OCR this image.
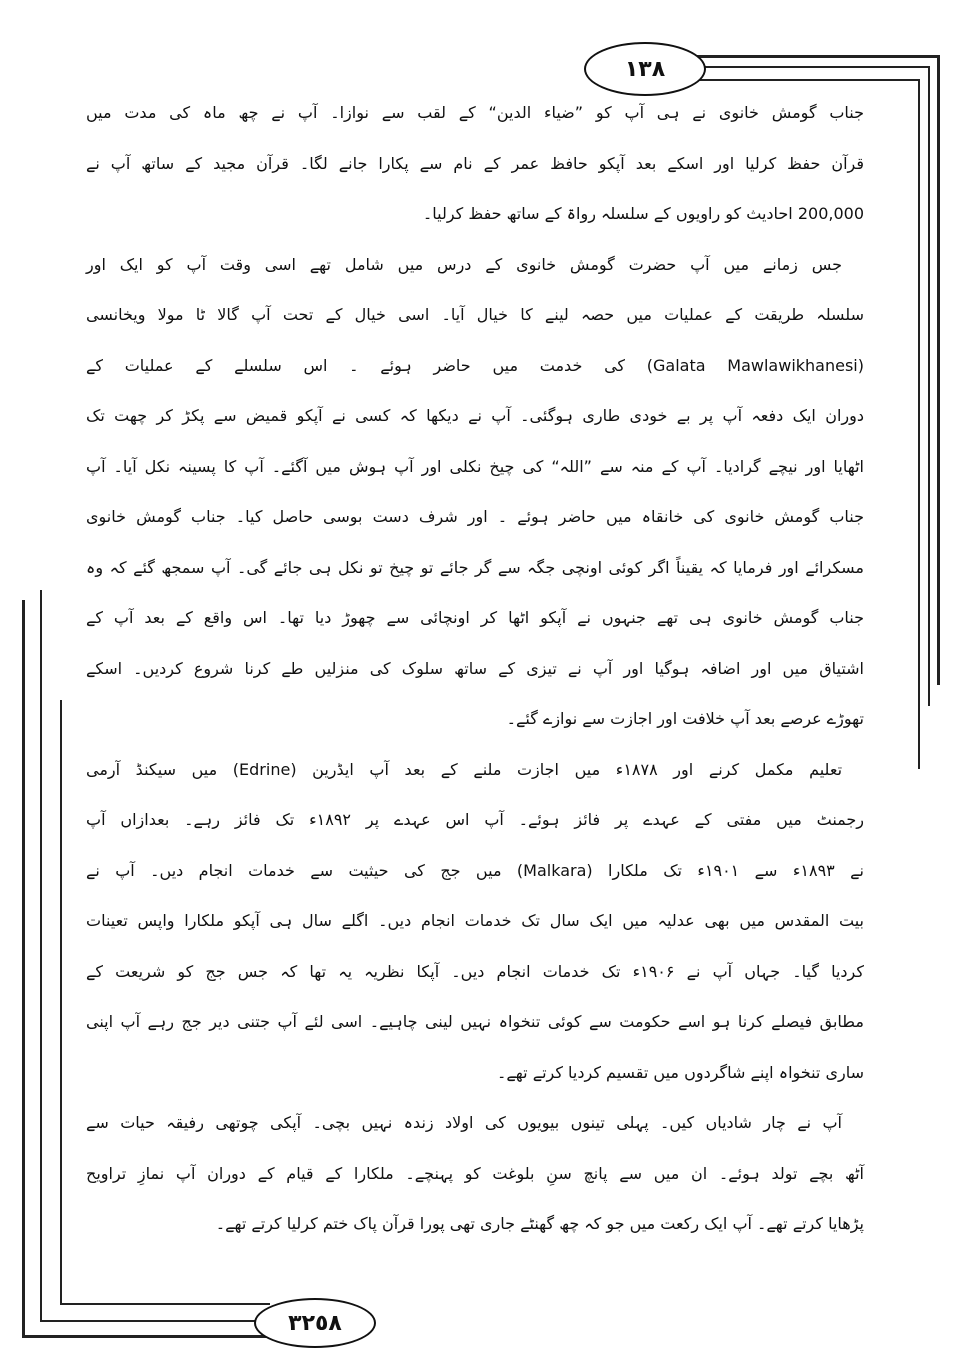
١٣٨
٣٢٥٨
جناب گومش خانوی نے ہی آپ کو ”ضیاء الدین“ کے لقب سے نوازا۔ آپ نے چھ ماہ کی مدت میں
قرآن حفظ کرلیا اور اسکے بعد آپکو حافظ عمر کے نام سے پکارا جانے لگا۔ قرآن مجید کے ساتھ آپ نے
200,000 احادیث کو راویوں کے سلسلہ رواۃ کے ساتھ حفظ کرلیا۔
جس زمانے میں آپ حضرت گومش خانوی کے درس میں شامل تھے اسی وقت آپ کو ایک اور
سلسلہ طریقت کے عملیات میں حصہ لینے کا خیال آیا۔ اسی خیال کے تحت آپ گالا ٹا مولا ویخانسی
(Galata Mawlawikhanesi) کی خدمت میں حاضر ہوئے ۔ اس سلسلے کے عملیات کے
دوران ایک دفعہ آپ پر بے خودی طاری ہوگئی۔ آپ نے دیکھا کہ کسی نے آپکو قمیض سے پکڑ کر چھت تک
اٹھایا اور نیچے گرادیا۔ آپ کے منہ سے ”اللہ“ کی چیخ نکلی اور آپ ہوش میں آگئے۔ آپ کا پسینہ نکل آیا۔ آپ
جناب گومش خانوی کی خانقاہ میں حاضر ہوئے ۔ اور شرف دست بوسی حاصل کیا۔ جناب گومش خانوی
مسکرائے اور فرمایا کہ یقیناً اگر کوئی اونچی جگہ سے گر جائے تو چیخ تو نکل ہی جائے گی۔ آپ سمجھ گئے کہ وہ
جناب گومش خانوی ہی تھے جنہوں نے آپکو اٹھا کر اونچائی سے چھوڑ دیا تھا۔ اس واقع کے بعد آپ کے
اشتیاق میں اور اضافہ ہوگیا اور آپ نے تیزی کے ساتھ سلوک کی منزلیں طے کرنا شروع کردیں۔ اسکے
تھوڑے عرصے بعد آپ خلافت اور اجازت سے نوازے گئے۔
تعلیم مکمل کرنے اور ۱۸۷۸ء میں اجازت ملنے کے بعد آپ ایڈرین (Edrine) میں سیکنڈ آرمی
رجمنٹ میں مفتی کے عہدے پر فائز ہوئے۔ آپ اس عہدے پر ۱۸۹۲ء تک فائز رہے۔ بعدازاں آپ
نے ۱۸۹۳ء سے ۱۹۰۱ء تک ملکارا (Malkara) میں جج کی حیثیت سے خدمات انجام دیں۔ آپ نے
بیت المقدس میں بھی عدلیہ میں ایک سال تک خدمات انجام دیں۔ اگلے سال ہی آپکو ملکارا واپس تعینات
کردیا گیا۔ جہاں آپ نے ۱۹۰۶ء تک خدمات انجام دیں۔ آپکا نظریہ یہ تھا کہ جس جج کو شریعت کے
مطابق فیصلے کرنا ہو اسے حکومت سے کوئی تنخواہ نہیں لینی چاہیے۔ اسی لئے آپ جتنی دیر جج رہے آپ اپنی
ساری تنخواہ اپنے شاگردوں میں تقسیم کردیا کرتے تھے۔
آپ نے چار شادیاں کیں۔ پہلی تینوں بیویوں کی اولاد زندہ نہیں بچی۔ آپکی چوتھی رفیقہ حیات سے
آٹھ بچے تولد ہوئے۔ ان میں سے پانچ سنِ بلوغت کو پہنچے۔ ملکارا کے قیام کے دوران آپ نمازِ تراویح
پڑھایا کرتے تھے۔ آپ ایک رکعت میں جو کہ چھ گھنٹے جاری تھی پورا قرآن پاک ختم کرلیا کرتے تھے۔
